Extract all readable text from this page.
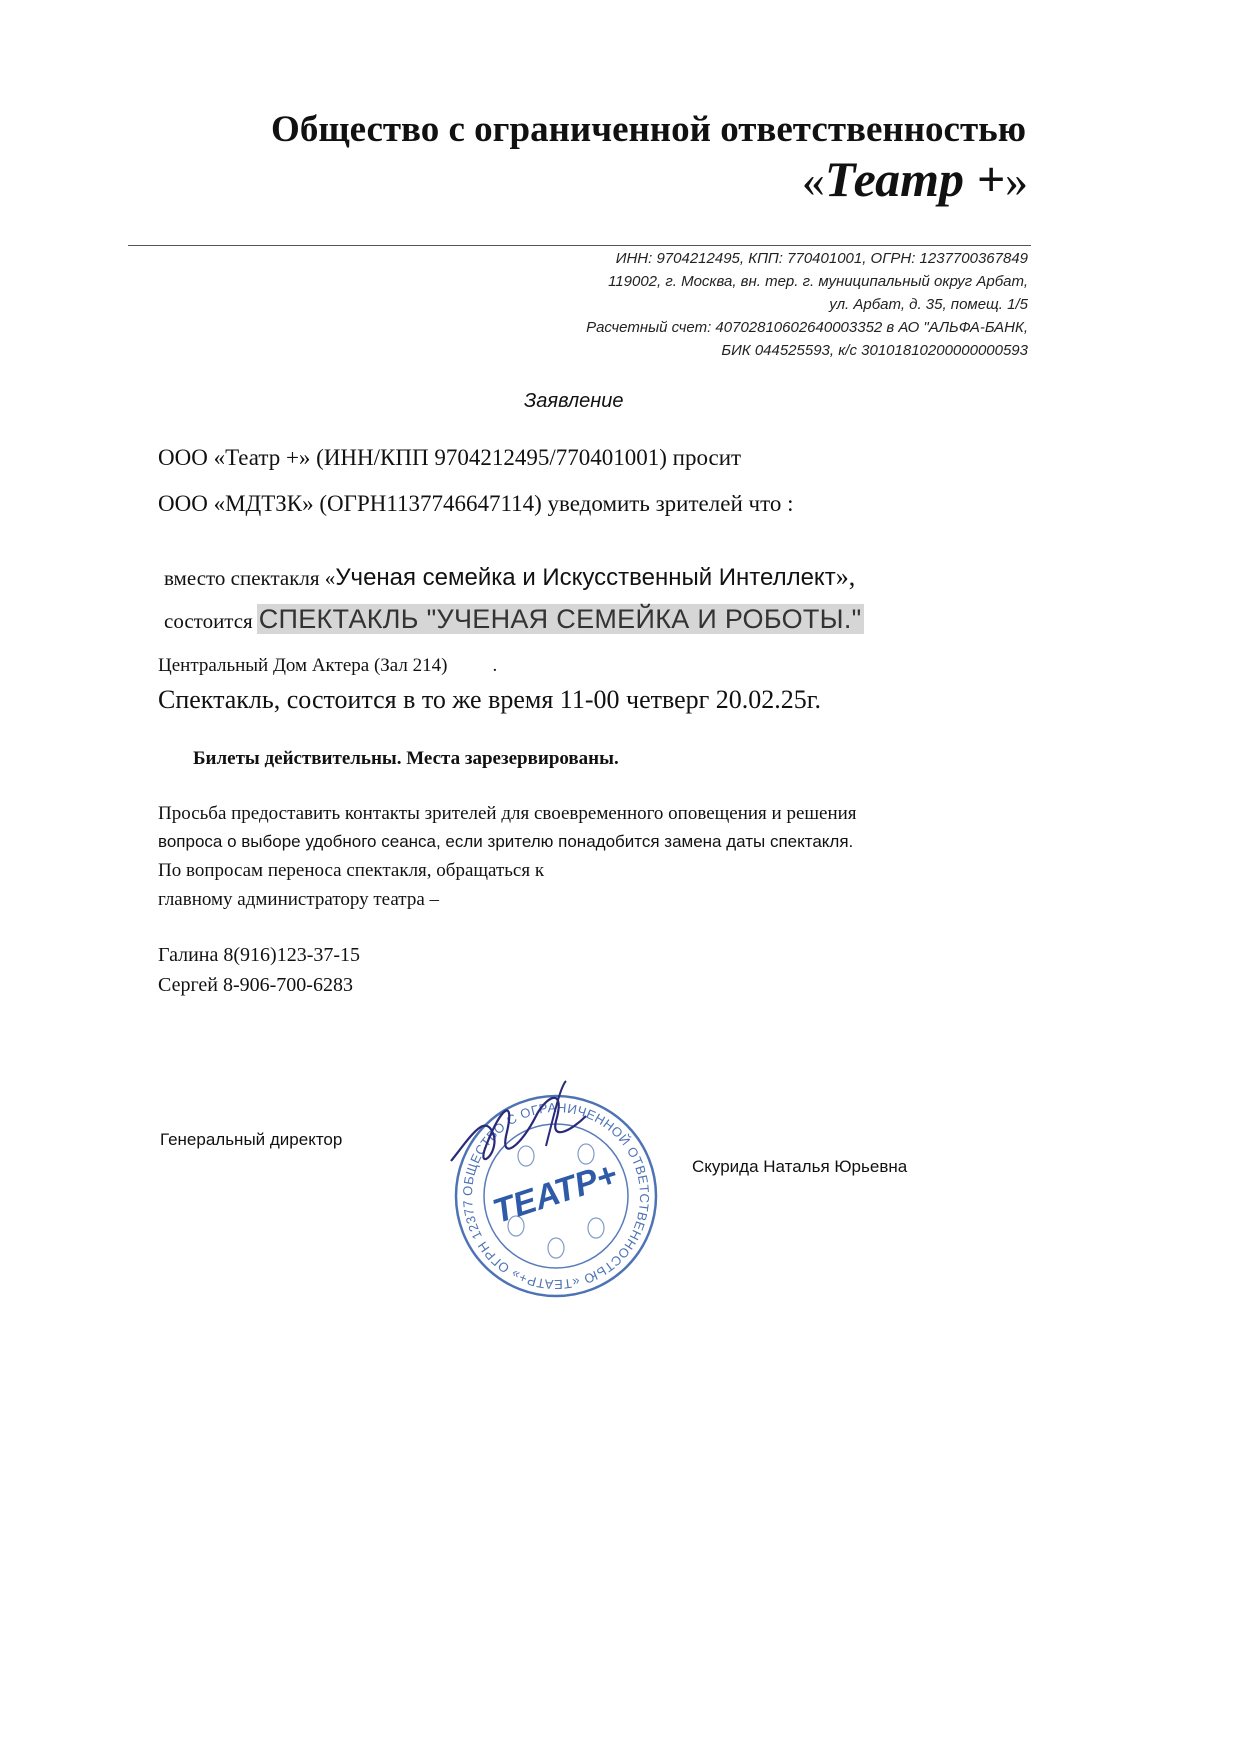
Общество с ограниченной ответственностью
«Театр +»
ИНН: 9704212495, КПП: 770401001, ОГРН: 1237700367849
119002, г. Москва, вн. тер. г. муниципальный округ Арбат,
ул. Арбат, д. 35, помещ. 1/5
Расчетный счет: 40702810602640003352 в АО "АЛЬФА-БАНК,
БИК 044525593, к/с 30101810200000000593
Заявление
ООО «Театр +» (ИНН/КПП 9704212495/770401001) просит
ООО «МДТЗК» (ОГРН1137746647114) уведомить зрителей что :
вместо спектакля «Ученая семейка и Искусственный Интеллект»,
состоится СПЕКТАКЛЬ "УЧЕНАЯ СЕМЕЙКА И РОБОТЫ."
Центральный Дом Актера (Зал 214) .
Спектакль, состоится в то же время 11-00 четверг 20.02.25г.
Билеты действительны. Места зарезервированы.
Просьба предоставить контакты зрителей для своевременного оповещения и решения
вопроса о выборе удобного сеанса, если зрителю понадобится замена даты спектакля.
По вопросам переноса спектакля, обращаться к
главному администратору театра –
Галина 8(916)123-37-15
Сергей 8-906-700-6283
Генеральный директор
Скурида Наталья Юрьевна
ОБЩЕСТВО С ОГРАНИЧЕННОЙ ОТВЕТСТВЕННОСТЬЮ «ТЕАТР+» ОГРН 12377 ТЕАТР+
